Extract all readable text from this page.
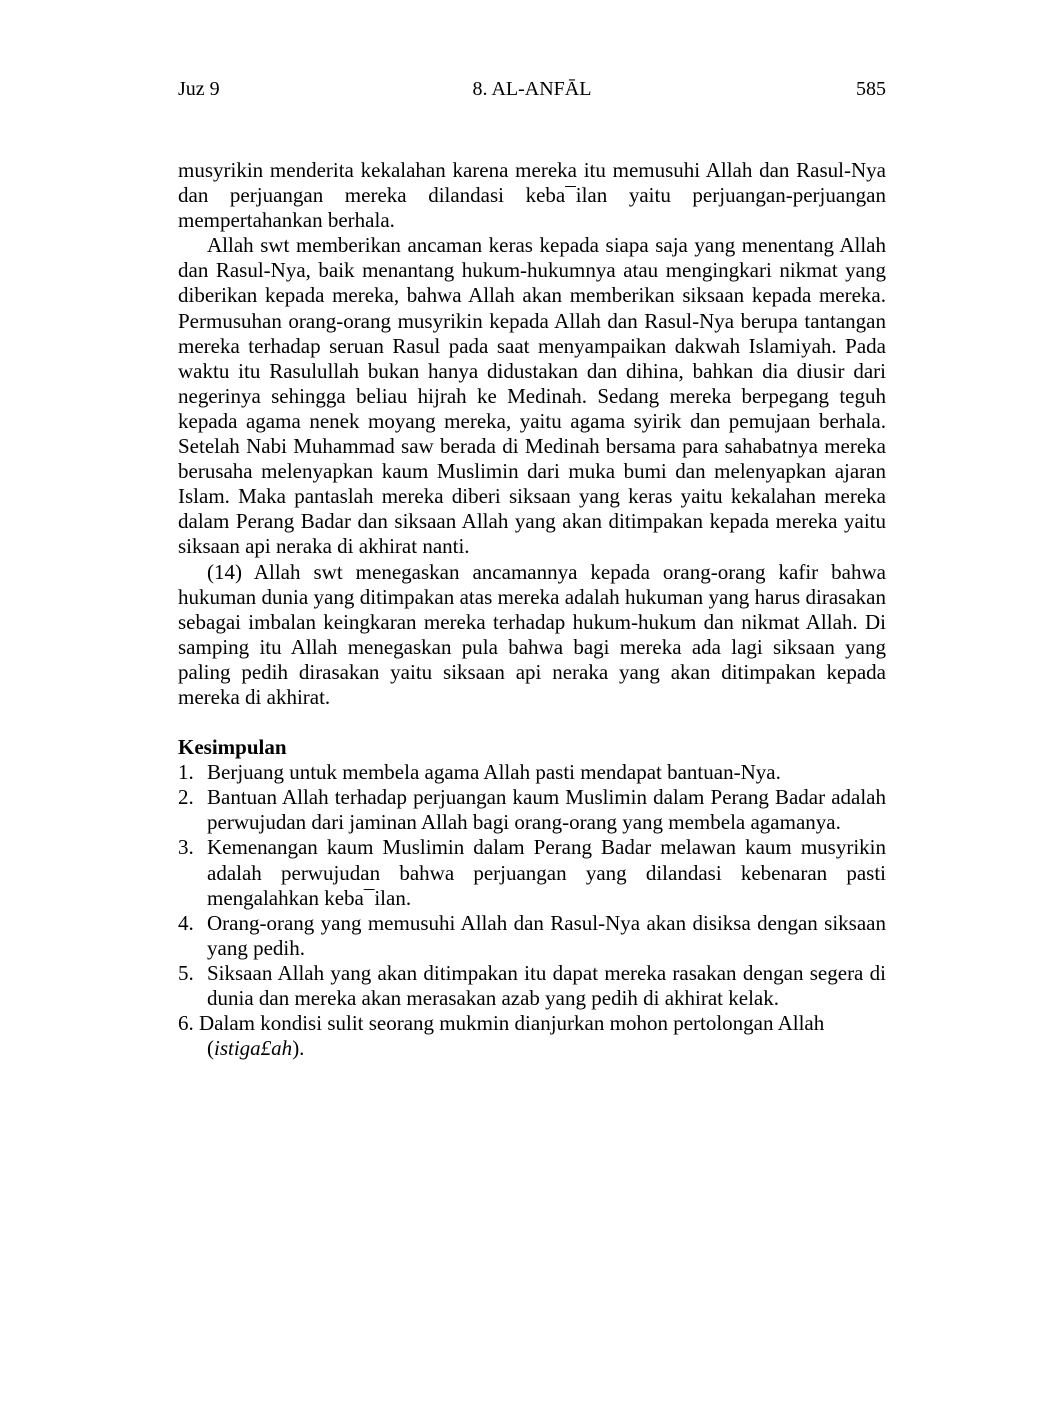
Juz 9	8. AL-ANFĀL	585

musyrikin menderita kekalahan karena mereka itu memusuhi Allah dan Rasul-Nya dan perjuangan mereka dilandasi keba¯ilan yaitu perjuangan-perjuangan mempertahankan berhala.

Allah swt memberikan ancaman keras kepada siapa saja yang menentang Allah dan Rasul-Nya, baik menantang hukum-hukumnya atau mengingkari nikmat yang diberikan kepada mereka, bahwa Allah akan memberikan siksaan kepada mereka. Permusuhan orang-orang musyrikin kepada Allah dan Rasul-Nya berupa tantangan mereka terhadap seruan Rasul pada saat menyampaikan dakwah Islamiyah. Pada waktu itu Rasulullah bukan hanya didustakan dan dihina, bahkan dia diusir dari negerinya sehingga beliau hijrah ke Medinah. Sedang mereka berpegang teguh kepada agama nenek moyang mereka, yaitu agama syirik dan pemujaan berhala. Setelah Nabi Muhammad saw berada di Medinah bersama para sahabatnya mereka berusaha melenyapkan kaum Muslimin dari muka bumi dan melenyapkan ajaran Islam. Maka pantaslah mereka diberi siksaan yang keras yaitu kekalahan mereka dalam Perang Badar dan siksaan Allah yang akan ditimpakan kepada mereka yaitu siksaan api neraka di akhirat nanti.

(14) Allah swt menegaskan ancamannya kepada orang-orang kafir bahwa hukuman dunia yang ditimpakan atas mereka adalah hukuman yang harus dirasakan sebagai imbalan keingkaran mereka terhadap hukum-hukum dan nikmat Allah. Di samping itu Allah menegaskan pula bahwa bagi mereka ada lagi siksaan yang paling pedih dirasakan yaitu siksaan api neraka yang akan ditimpakan kepada mereka di akhirat.

Kesimpulan
1. Berjuang untuk membela agama Allah pasti mendapat bantuan-Nya.
2. Bantuan Allah terhadap perjuangan kaum Muslimin dalam Perang Badar adalah perwujudan dari jaminan Allah bagi orang-orang yang membela agamanya.
3. Kemenangan kaum Muslimin dalam Perang Badar melawan kaum musyrikin adalah perwujudan bahwa perjuangan yang dilandasi kebenaran pasti mengalahkan keba¯ilan.
4. Orang-orang yang memusuhi Allah dan Rasul-Nya akan disiksa dengan siksaan yang pedih.
5. Siksaan Allah yang akan ditimpakan itu dapat mereka rasakan dengan segera di dunia dan mereka akan merasakan azab yang pedih di akhirat kelak.
6. Dalam kondisi sulit seorang mukmin dianjurkan mohon pertolongan Allah
(istiga£ah).
